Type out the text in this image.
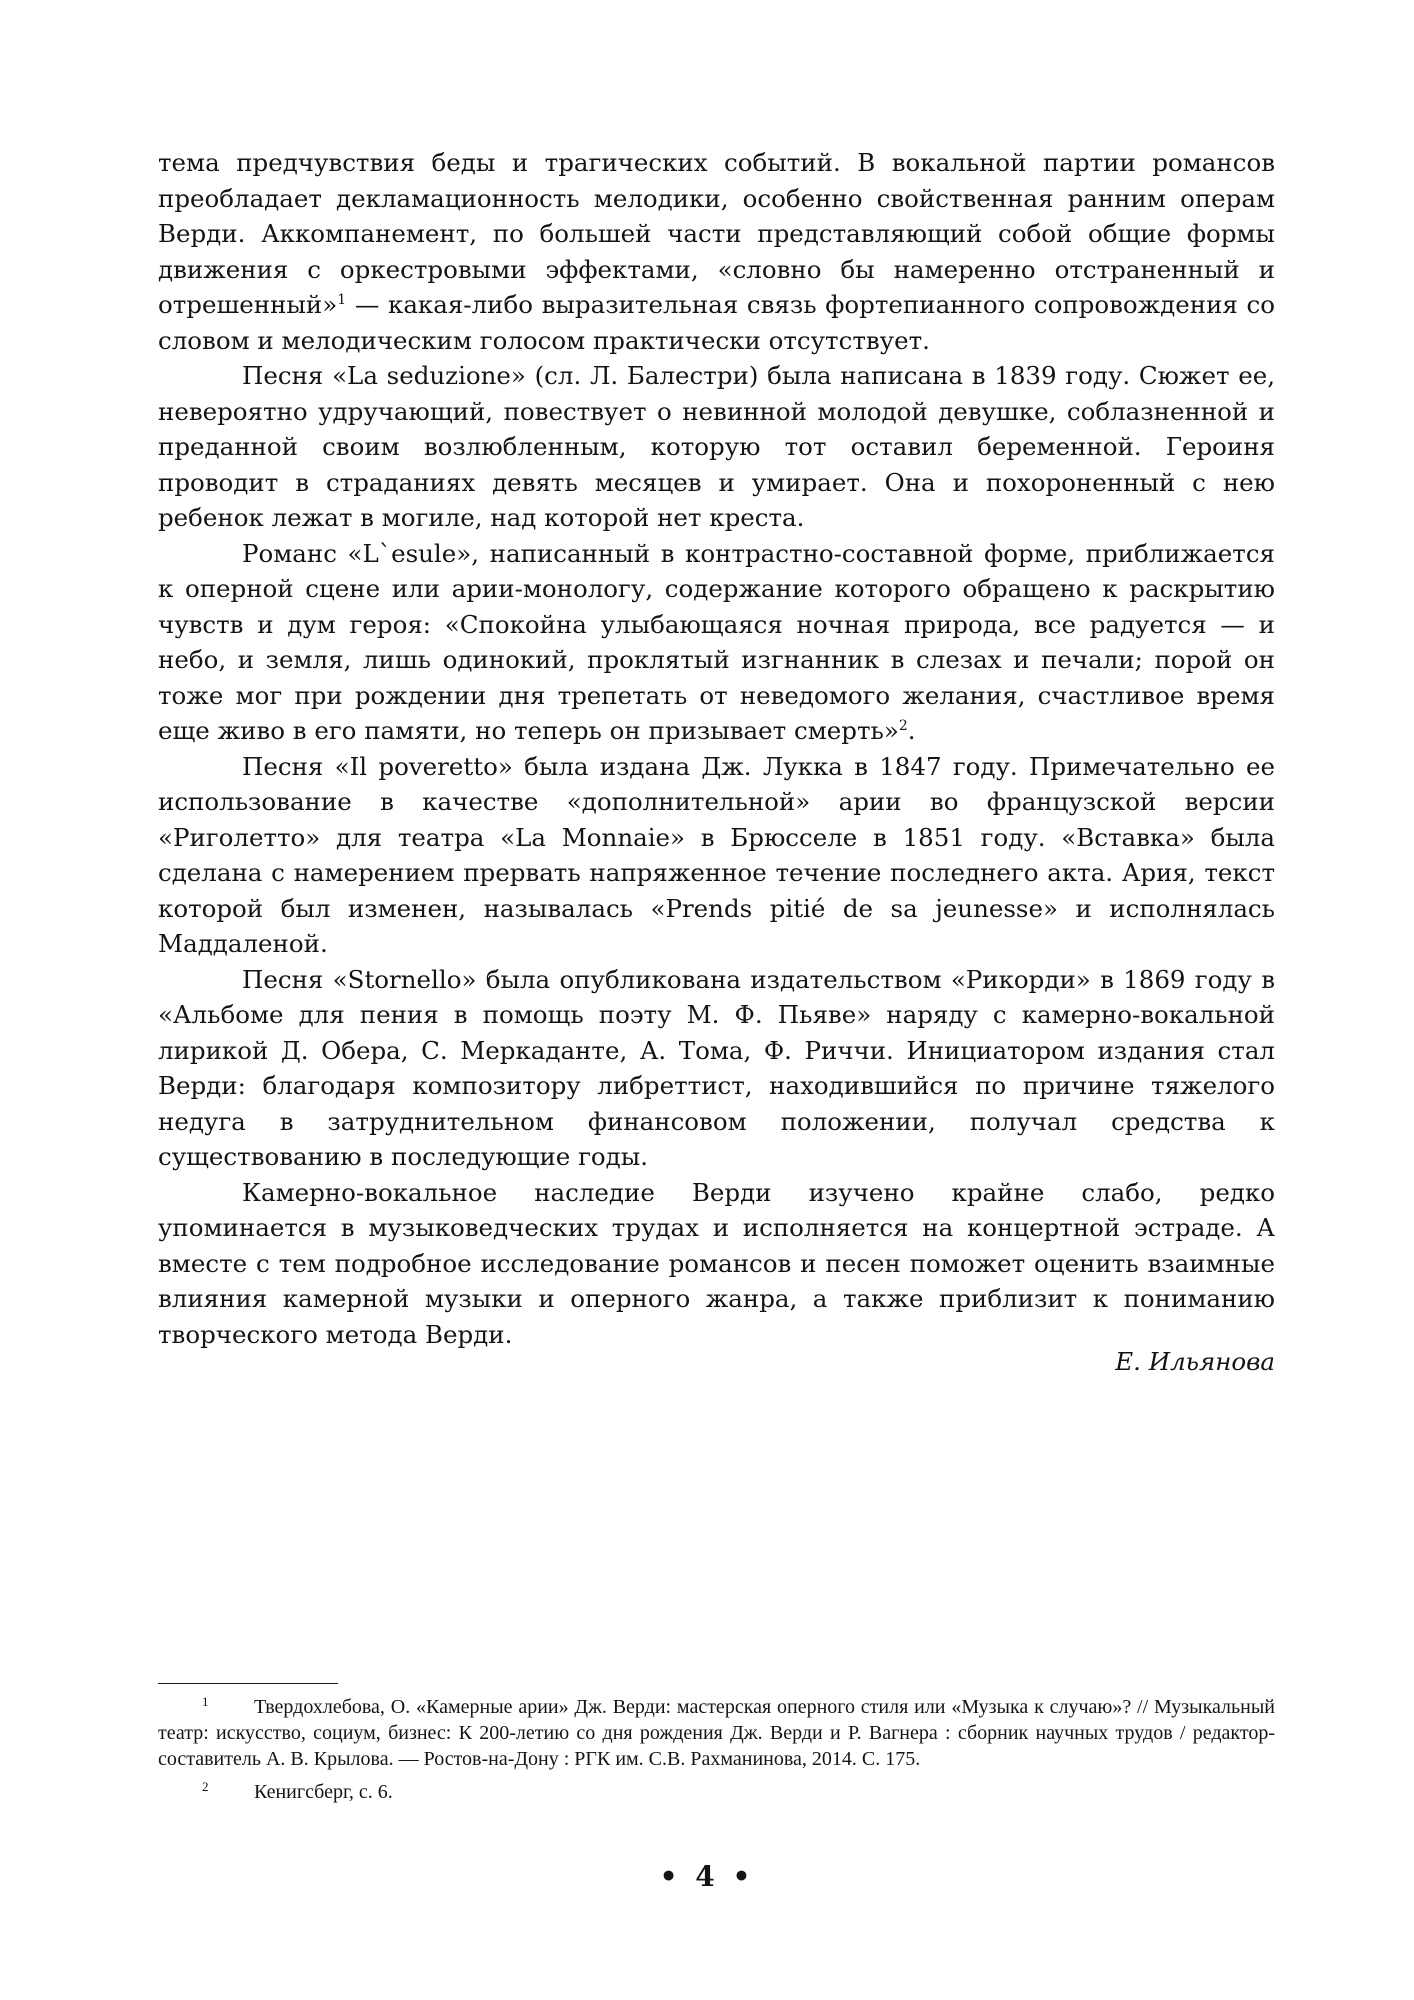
тема предчувствия беды и трагических событий. В вокальной партии романсов преобладает декламационность мелодики, особенно свойственная ранним операм Верди. Аккомпанемент, по большей части представляющий собой общие формы движения с оркестровыми эффектами, «словно бы намеренно отстраненный и отрешенный»$^1$ — какая-либо выразительная связь фортепианного сопровождения со словом и мелодическим голосом практически отсутствует.

Песня «La seduzione» (сл. Л. Балестри) была написана в 1839 году. Сюжет ее, невероятно удручающий, повествует о невинной молодой девушке, соблазненной и преданной своим возлюбленным, которую тот оставил беременной. Героиня проводит в страданиях девять месяцев и умирает. Она и похороненный с нею ребенок лежат в могиле, над которой нет креста.

Романс «L`esule», написанный в контрастно-составной форме, приближается к оперной сцене или арии-монологу, содержание которого обращено к раскрытию чувств и дум героя: «Спокойна улыбающаяся ночная природа, все радуется — и небо, и земля, лишь одинокий, проклятый изгнанник в слезах и печали; порой он тоже мог при рождении дня трепетать от неведомого желания, счастливое время еще живо в его памяти, но теперь он призывает смерть»$^2$.

Песня «Il poveretto» была издана Дж. Лукка в 1847 году. Примечательно ее использование в качестве «дополнительной» арии во французской версии «Риголетто» для театра «La Monnaie» в Брюсселе в 1851 году. «Вставка» была сделана с намерением прервать напряженное течение последнего акта. Ария, текст которой был изменен, называлась «Prends pitié de sa jeunesse» и исполнялась Маддаленой.

Песня «Stornello» была опубликована издательством «Рикорди» в 1869 году в «Альбоме для пения в помощь поэту М. Ф. Пьяве» наряду с камерно-вокальной лирикой Д. Обера, С. Меркаданте, А. Тома, Ф. Риччи. Инициатором издания стал Верди: благодаря композитору либреттист, находившийся по причине тяжелого недуга в затруднительном финансовом положении, получал средства к существованию в последующие годы.

Камерно-вокальное наследие Верди изучено крайне слабо, редко упоминается в музыковедческих трудах и исполняется на концертной эстраде. А вместе с тем подробное исследование романсов и песен поможет оценить взаимные влияния камерной музыки и оперного жанра, а также приблизит к пониманию творческого метода Верди.

Е. Ильянова

1 Твердохлебова, О. «Камерные арии» Дж. Верди: мастерская оперного стиля или «Музыка к случаю»? // Музыкальный театр: искусство, социум, бизнес: К 200-летию со дня рождения Дж. Верди и Р. Вагнера : сборник научных трудов / редактор-составитель А. В. Крылова. — Ростов-на-Дону : РГК им. С.В. Рахманинова, 2014. С. 175.

2 Кенигсберг, с. 6.

• 4 •
